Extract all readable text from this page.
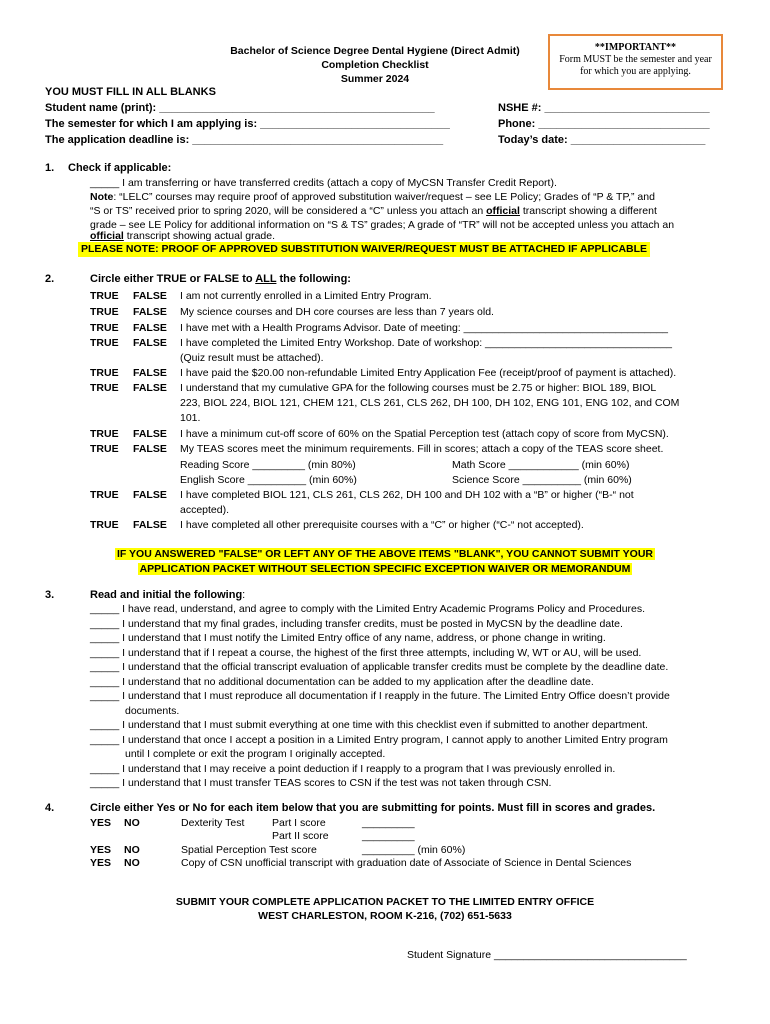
Bachelor of Science Degree Dental Hygiene (Direct Admit)
Completion Checklist
Summer 2024
**IMPORTANT**
Form MUST be the semester and year
for which you are applying.
YOU MUST FILL IN ALL BLANKS
Student name (print): _____________________________________________
The semester for which I am applying is: _______________________________
The application deadline is: _________________________________________
NSHE #: ___________________________
Phone: ____________________________
Today’s date: ______________________
1. Check if applicable:
_____ I am transferring or have transferred credits (attach a copy of MyCSN Transfer Credit Report).
Note: “LELC” courses may require proof of approved substitution waiver/request – see LE Policy; Grades of “P & TP,” and
“S or TS” received prior to spring 2020, will be considered a “C” unless you attach an official transcript showing a different
grade – see LE Policy for additional information on “S & TS” grades; A grade of “TR” will not be accepted unless you attach an
official transcript showing actual grade.
PLEASE NOTE: PROOF OF APPROVED SUBSTITUTION WAIVER/REQUEST MUST BE ATTACHED IF APPLICABLE
2.	Circle either TRUE or FALSE to ALL the following:
TRUE FALSE I am not currently enrolled in a Limited Entry Program.
TRUE FALSE My science courses and DH core courses are less than 7 years old.
TRUE FALSE I have met with a Health Programs Advisor. Date of meeting: ___________________________________
TRUE FALSE I have completed the Limited Entry Workshop. Date of workshop: ________________________________
(Quiz result must be attached).
TRUE FALSE I have paid the $20.00 non-refundable Limited Entry Application Fee (receipt/proof of payment is attached).
TRUE FALSE I understand that my cumulative GPA for the following courses must be 2.75 or higher: BIOL 189, BIOL
223, BIOL 224, BIOL 121, CHEM 121, CLS 261, CLS 262, DH 100, DH 102, ENG 101, ENG 102, and COM
101.
TRUE FALSE I have a minimum cut-off score of 60% on the Spatial Perception test (attach copy of score from MyCSN).
TRUE FALSE My TEAS scores meet the minimum requirements. Fill in scores; attach a copy of the TEAS score sheet.
Reading Score _________ (min 80%)	Math Score ____________ (min 60%)
English Score __________ (min 60%)	Science Score __________ (min 60%)
TRUE FALSE I have completed BIOL 121, CLS 261, CLS 262, DH 100 and DH 102 with a “B” or higher (“B-“ not
accepted).
TRUE FALSE I have completed all other prerequisite courses with a “C” or higher (“C-“ not accepted).
IF YOU ANSWERED "FALSE" OR LEFT ANY OF THE ABOVE ITEMS "BLANK", YOU CANNOT SUBMIT YOUR
APPLICATION PACKET WITHOUT SELECTION SPECIFIC EXCEPTION WAIVER OR MEMORANDUM
3.	Read and initial the following:
_____ I have read, understand, and agree to comply with the Limited Entry Academic Programs Policy and Procedures.
_____ I understand that my final grades, including transfer credits, must be posted in MyCSN by the deadline date.
_____ I understand that I must notify the Limited Entry office of any name, address, or phone change in writing.
_____ I understand that if I repeat a course, the highest of the first three attempts, including W, WT or AU, will be used.
_____ I understand that the official transcript evaluation of applicable transfer credits must be complete by the deadline date.
_____ I understand that no additional documentation can be added to my application after the deadline date.
_____ I understand that I must reproduce all documentation if I reapply in the future. The Limited Entry Office doesn’t provide
documents.
_____ I understand that I must submit everything at one time with this checklist even if submitted to another department.
_____ I understand that once I accept a position in a Limited Entry program, I cannot apply to another Limited Entry program
until I complete or exit the program I originally accepted.
_____ I understand that I may receive a point deduction if I reapply to a program that I was previously enrolled in.
_____ I understand that I must transfer TEAS scores to CSN if the test was not taken through CSN.
4.	Circle either Yes or No for each item below that you are submitting for points. Must fill in scores and grades.
YES NO	Dexterity Test	Part I score	_________
Part II score	_________
YES NO	Spatial Perception Test score	_________ (min 60%)
YES NO	Copy of CSN unofficial transcript with graduation date of Associate of Science in Dental Sciences
SUBMIT YOUR COMPLETE APPLICATION PACKET TO THE LIMITED ENTRY OFFICE
WEST CHARLESTON, ROOM K-216, (702) 651-5633
Student Signature _________________________________
